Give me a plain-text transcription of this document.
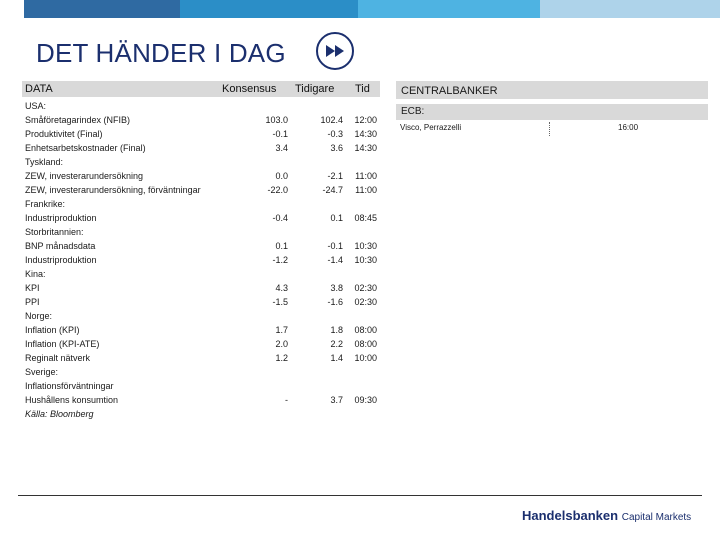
DET HÄNDER I DAG
DATA	Konsensus Tidigare Tid
USA:
Småföretagarindex (NFIB)	103.0	102.4 12:00
Produktivitet (Final)	-0.1	-0.3 14:30
Enhetsarbetskostnader (Final)	3.4	3.6 14:30
Tyskland:
ZEW, investerarundersökning	0.0	-2.1 11:00
ZEW, investerarundersökning, förväntningar	-22.0	-24.7 11:00
Frankrike:
Industriproduktion	-0.4	0.1 08:45
Storbritannien:
BNP månadsdata	0.1	-0.1 10:30
Industriproduktion	-1.2	-1.4 10:30
Kina:
KPI	4.3	3.8 02:30
PPI	-1.5	-1.6 02:30
Norge:
Inflation (KPI)	1.7	1.8 08:00
Inflation (KPI-ATE)	2.0	2.2 08:00
Reginalt nätverk	1.2	1.4 10:00
Sverige:
Inflationsförväntningar
Hushållens konsumtion	-	3.7 09:30
Källa: Bloomberg
CENTRALBANKER
ECB:
Visco, Perrazzelli	16:00
Handelsbanken Capital Markets
